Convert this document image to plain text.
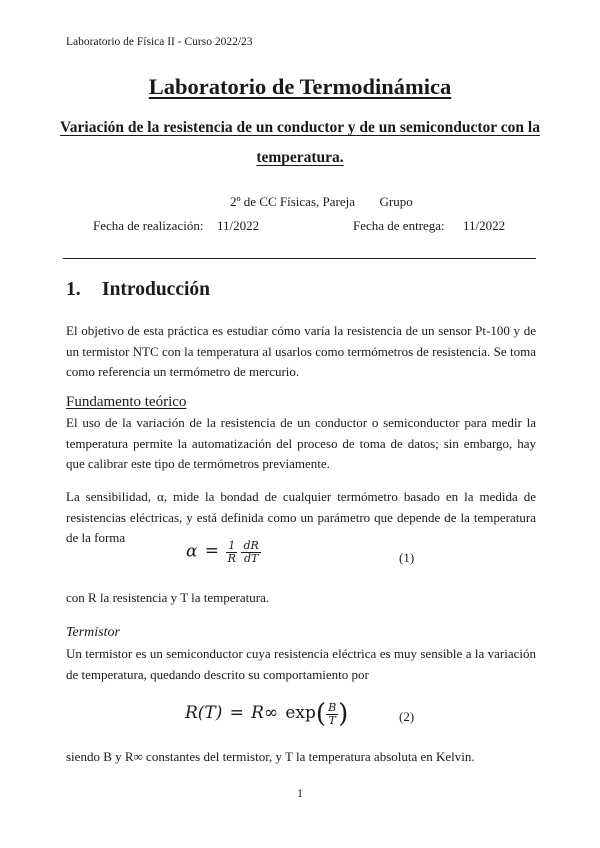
Laboratorio de Física II - Curso 2022/23
Laboratorio de Termodinámica
Variación de la resistencia de un conductor y de un semiconductor con la temperatura.
2º de CC Físicas, Pareja Grupo
Fecha de realización: 11/2022	Fecha de entrega: 11/2022
1. Introducción
El objetivo de esta práctica es estudiar cómo varía la resistencia de un sensor Pt-100 y de un termistor NTC con la temperatura al usarlos como termómetros de resistencia. Se toma como referencia un termómetro de mercurio.
Fundamento teórico
El uso de la variación de la resistencia de un conductor o semiconductor para medir la temperatura permite la automatización del proceso de toma de datos; sin embargo, hay que calibrar este tipo de termómetros previamente.
La sensibilidad, α, mide la bondad de cualquier termómetro basado en la medida de resistencias eléctricas, y está definida como un parámetro que depende de la temperatura de la forma
$\alpha = \frac{1}{R}$
$\frac{dR}{dT}$	(1)
con R la resistencia y T la temperatura.
Termistor
Un termistor es un semiconductor cuya resistencia eléctrica es muy sensible a la variación de temperatura, quedando descrito su comportamiento por
R(T) = R∞ $\exp( \frac{B}{T}$ )	(2)
siendo B y R∞ constantes del termistor, y T la temperatura absoluta en Kelvin.
1
